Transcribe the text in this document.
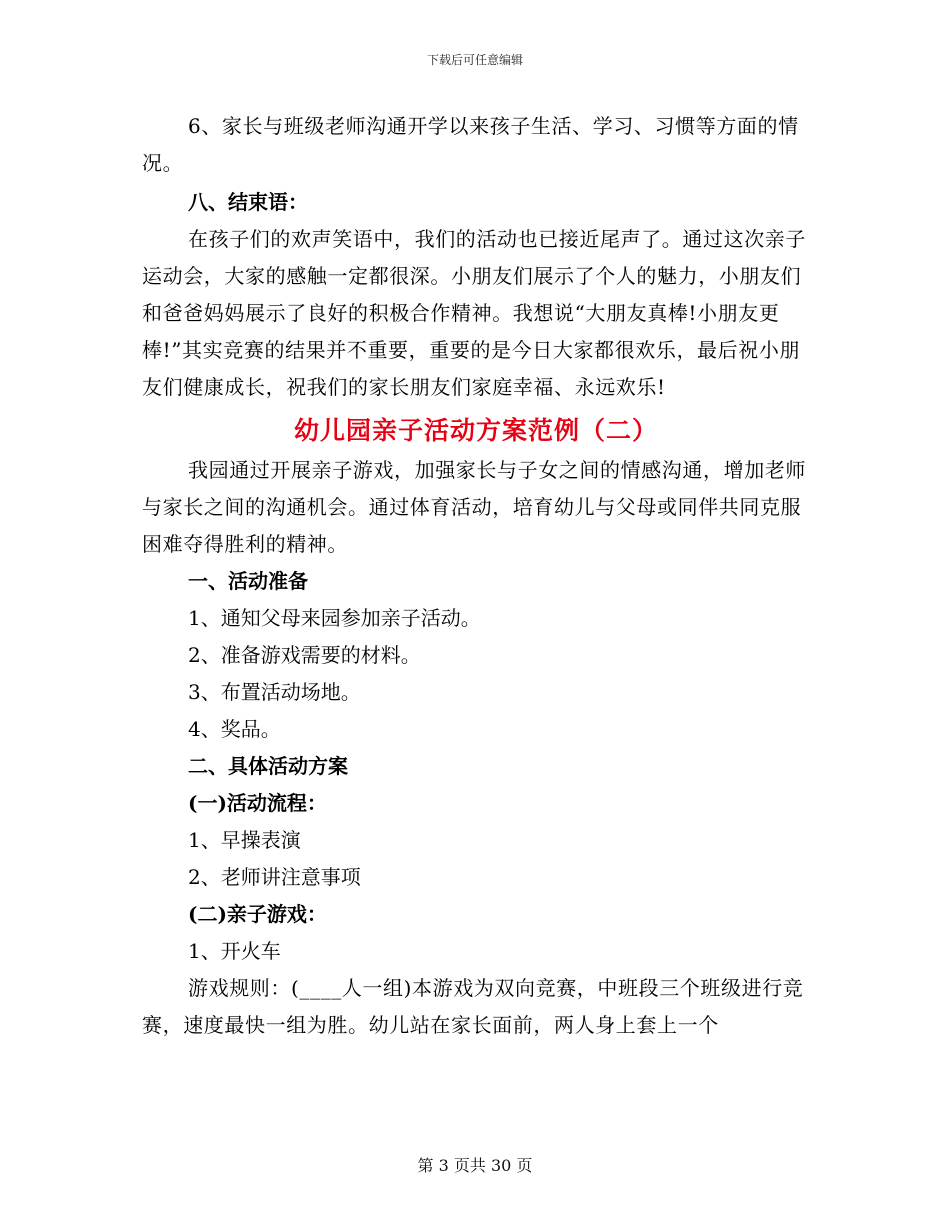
下载后可任意编辑

6、家长与班级老师沟通开学以来孩子生活、学习、习惯等方面的情况。

八、结束语：

在孩子们的欢声笑语中，我们的活动也已接近尾声了。通过这次亲子运动会，大家的感触一定都很深。小朋友们展示了个人的魅力，小朋友们和爸爸妈妈展示了良好的积极合作精神。我想说“大朋友真棒!小朋友更棒!”其实竞赛的结果并不重要，重要的是今日大家都很欢乐，最后祝小朋友们健康成长，祝我们的家长朋友们家庭幸福、永远欢乐!

幼儿园亲子活动方案范例（二）

我园通过开展亲子游戏，加强家长与子女之间的情感沟通，增加老师与家长之间的沟通机会。通过体育活动，培育幼儿与父母或同伴共同克服困难夺得胜利的精神。

一、活动准备

1、通知父母来园参加亲子活动。

2、准备游戏需要的材料。

3、布置活动场地。

4、奖品。

二、具体活动方案

(一)活动流程：

1、早操表演

2、老师讲注意事项

(二)亲子游戏：

1、开火车

游戏规则：(____人一组)本游戏为双向竞赛，中班段三个班级进行竞赛，速度最快一组为胜。幼儿站在家长面前，两人身上套上一个

第 3 页共 30 页
